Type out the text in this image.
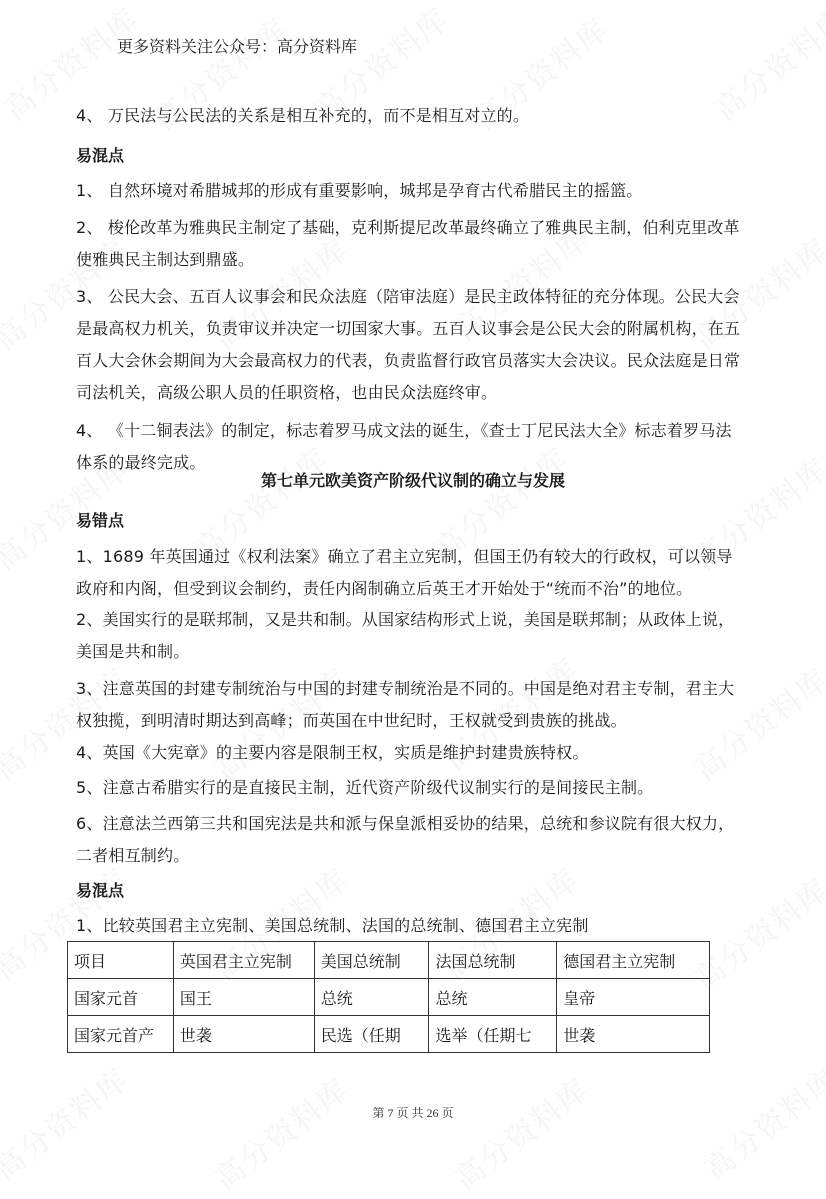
更多资料关注公众号：高分资料库
4、 万民法与公民法的关系是相互补充的，而不是相互对立的。
易混点
1、 自然环境对希腊城邦的形成有重要影响，城邦是孕育古代希腊民主的摇篮。
2、 梭伦改革为雅典民主制定了基础，克利斯提尼改革最终确立了雅典民主制，伯利克里改革使雅典民主制达到鼎盛。
3、 公民大会、五百人议事会和民众法庭（陪审法庭）是民主政体特征的充分体现。公民大会是最高权力机关，负责审议并决定一切国家大事。五百人议事会是公民大会的附属机构，在五百人大会休会期间为大会最高权力的代表，负责监督行政官员落实大会决议。民众法庭是日常司法机关，高级公职人员的任职资格，也由民众法庭终审。
4、 《十二铜表法》的制定，标志着罗马成文法的诞生，《查士丁尼民法大全》标志着罗马法体系的最终完成。
第七单元欧美资产阶级代议制的确立与发展
易错点
1、1689 年英国通过《权利法案》确立了君主立宪制，但国王仍有较大的行政权，可以领导政府和内阁，但受到议会制约，责任内阁制确立后英王才开始处于“统而不治”的地位。
2、美国实行的是联邦制，又是共和制。从国家结构形式上说，美国是联邦制；从政体上说，美国是共和制。
3、注意英国的封建专制统治与中国的封建专制统治是不同的。中国是绝对君主专制，君主大权独揽，到明清时期达到高峰；而英国在中世纪时，王权就受到贵族的挑战。
4、英国《大宪章》的主要内容是限制王权，实质是维护封建贵族特权。
5、注意古希腊实行的是直接民主制，近代资产阶级代议制实行的是间接民主制。
6、注意法兰西第三共和国宪法是共和派与保皇派相妥协的结果，总统和参议院有很大权力，二者相互制约。
易混点
1、比较英国君主立宪制、美国总统制、法国的总统制、德国君主立宪制
项目	英国君主立宪制	美国总统制	法国总统制	德国君主立宪制
国家元首	国王	总统	总统	皇帝
国家元首产	世袭	民选（任期	选举（任期七	世袭
第 7 页 共 26 页
